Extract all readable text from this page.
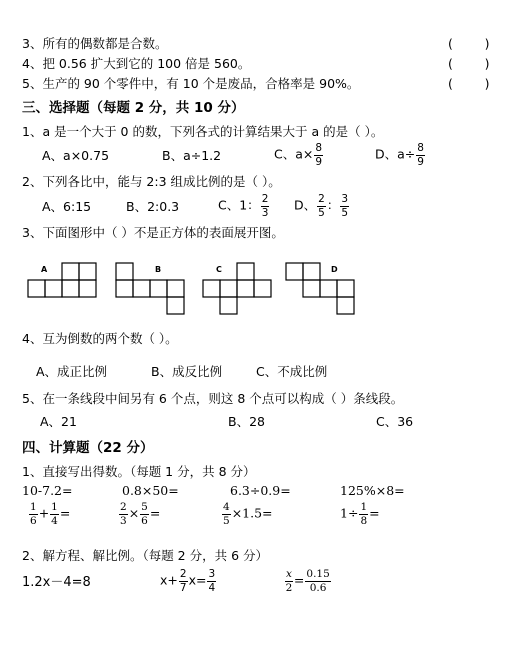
3、所有的偶数都是合数。	(        )
4、把 0.56 扩大到它的 100 倍是 560。	(        )
5、生产的 90 个零件中，有 10 个是废品，合格率是 90%。	(        )
三、选择题（每题 2 分，共 10 分）
1、a 是一个大于 0 的数，下列各式的计算结果大于 a 的是（ ）。
A、a×0.75	B、a÷1.2	C、$a\times \frac{8}{9}$	D、$a\div \frac{8}{9}$
2、下列各比中，能与 2:3 组成比例的是（ ）。
A、6:15	B、2:0.3	C、1： $\frac{2}{3}$ D、 $\frac{2}{5}$ ： $\frac{3}{5}$
3、下面图形中（ ）不是正方体的表面展开图。
A	B	C	D
4、互为倒数的两个数（ ）。
A、成正比例	B、成反比例	C、不成比例
5、在一条线段中间另有 6 个点，则这 8 个点可以构成（ ）条线段。
A、21	B、28	C、36
四、计算题（22 分）
1、直接写出得数。（每题 1 分，共 8 分）
10-7.2=	0.8×50=	6.3÷0.9=	125%×8=
$\frac{1}{6} + \frac{1}{4}$ =	$\frac{2}{3} \times \frac{5}{6}$ =	$\frac{4}{5} \times 1.5=$	$1\div \frac{1}{8}$ =
2、解方程、解比例。（每题 2 分，共 6 分）
1.2x－4=8	$x+ \frac{2}{7} x= \frac{3}{4}$	$\frac{x}{2} = \frac{0.15}{0.6}$
